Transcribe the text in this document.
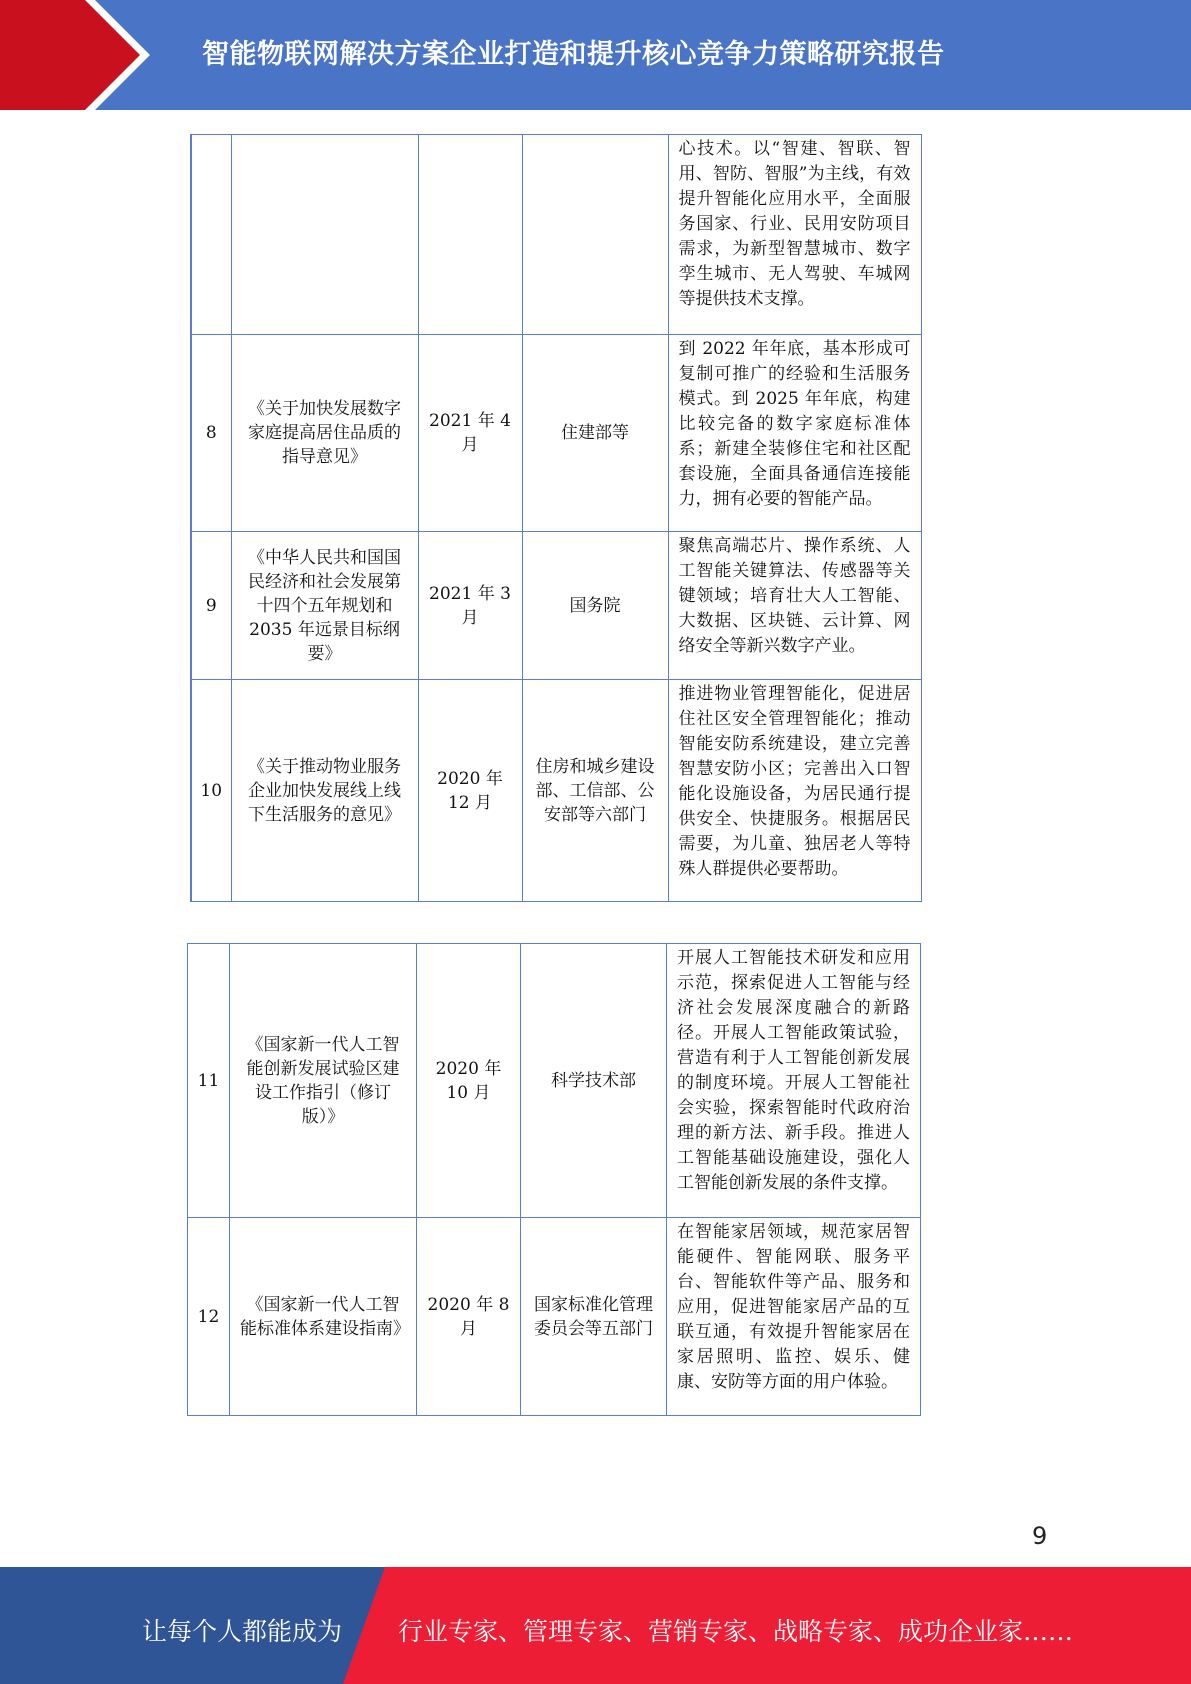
智能物联网解决方案企业打造和提升核心竞争力策略研究报告
				心技术。以“智建、智联、智用、智防、智服”为主线，有效提升智能化应用水平，全面服务国家、行业、民用安防项目需求，为新型智慧城市、数字孪生城市、无人驾驶、车城网等提供技术支撑。
8	《关于加快发展数字家庭提高居住品质的指导意见》	2021 年 4 月	住建部等	到 2022 年年底，基本形成可复制可推广的经验和生活服务模式。到 2025 年年底，构建比较完备的数字家庭标准体系；新建全装修住宅和社区配套设施，全面具备通信连接能力，拥有必要的智能产品。
9	《中华人民共和国国民经济和社会发展第十四个五年规划和 2035 年远景目标纲要》	2021 年 3 月	国务院	聚焦高端芯片、操作系统、人工智能关键算法、传感器等关键领域；培育壮大人工智能、大数据、区块链、云计算、网络安全等新兴数字产业。
10	《关于推动物业服务企业加快发展线上线下生活服务的意见》	2020 年 12 月	住房和城乡建设部、工信部、公安部等六部门	推进物业管理智能化，促进居住社区安全管理智能化；推动智能安防系统建设，建立完善智慧安防小区；完善出入口智能化设施设备，为居民通行提供安全、快捷服务。根据居民需要，为儿童、独居老人等特殊人群提供必要帮助。
11	《国家新一代人工智能创新发展试验区建设工作指引（修订版）》	2020 年 10 月	科学技术部	开展人工智能技术研发和应用示范，探索促进人工智能与经济社会发展深度融合的新路径。开展人工智能政策试验，营造有利于人工智能创新发展的制度环境。开展人工智能社会实验，探索智能时代政府治理的新方法、新手段。推进人工智能基础设施建设，强化人工智能创新发展的条件支撑。
12	《国家新一代人工智能标准体系建设指南》	2020 年 8 月	国家标准化管理委员会等五部门	在智能家居领域，规范家居智能硬件、智能网联、服务平台、智能软件等产品、服务和应用，促进智能家居产品的互联互通，有效提升智能家居在家居照明、监控、娱乐、健康、安防等方面的用户体验。
9
让每个人都能成为 行业专家、管理专家、营销专家、战略专家、成功企业家……
